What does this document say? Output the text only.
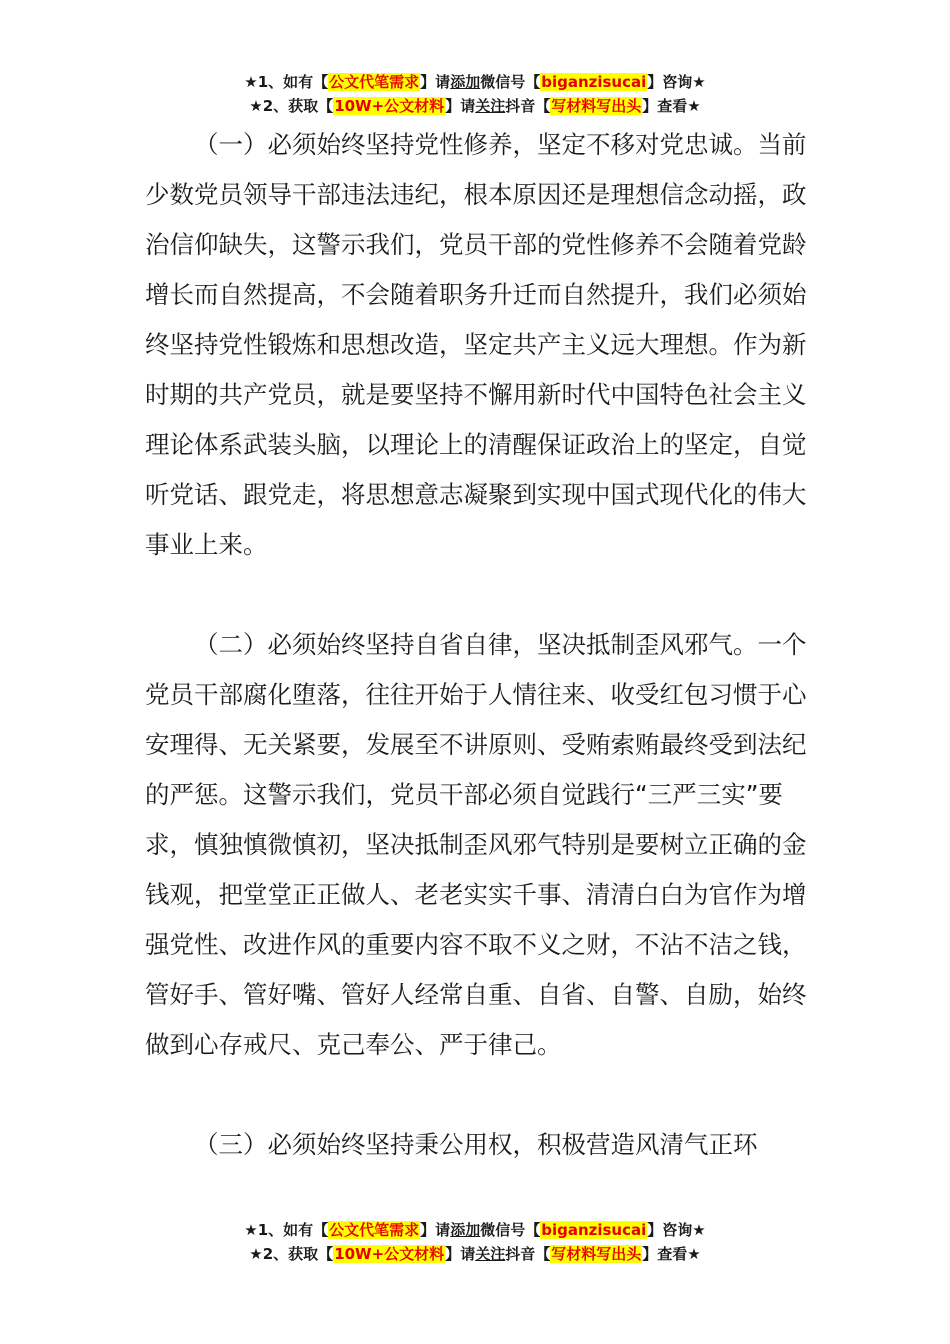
★1、如有【公文代笔需求】请添加微信号【biganzisucai】咨询★
★2、获取【10W+公文材料】请关注抖音【写材料写出头】查看★

（一）必须始终坚持党性修养，坚定不移对党忠诚。当前少数党员领导干部违法违纪，根本原因还是理想信念动摇，政治信仰缺失，这警示我们，党员干部的党性修养不会随着党龄增长而自然提高，不会随着职务升迁而自然提升，我们必须始终坚持党性锻炼和思想改造，坚定共产主义远大理想。作为新时期的共产党员，就是要坚持不懈用新时代中国特色社会主义理论体系武装头脑，以理论上的清醒保证政治上的坚定，自觉听党话、跟党走，将思想意志凝聚到实现中国式现代化的伟大事业上来。

（二）必须始终坚持自省自律，坚决抵制歪风邪气。一个党员干部腐化堕落，往往开始于人情往来、收受红包习惯于心安理得、无关紧要，发展至不讲原则、受贿索贿最终受到法纪的严惩。这警示我们，党员干部必须自觉践行“三严三实”要求，慎独慎微慎初，坚决抵制歪风邪气特别是要树立正确的金钱观，把堂堂正正做人、老老实实千事、清清白白为官作为增强党性、改进作风的重要内容不取不义之财，不沾不洁之钱，管好手、管好嘴、管好人经常自重、自省、自警、自励，始终做到心存戒尺、克己奉公、严于律己。

（三）必须始终坚持秉公用权，积极营造风清气正环

★1、如有【公文代笔需求】请添加微信号【biganzisucai】咨询★
★2、获取【10W+公文材料】请关注抖音【写材料写出头】查看★
